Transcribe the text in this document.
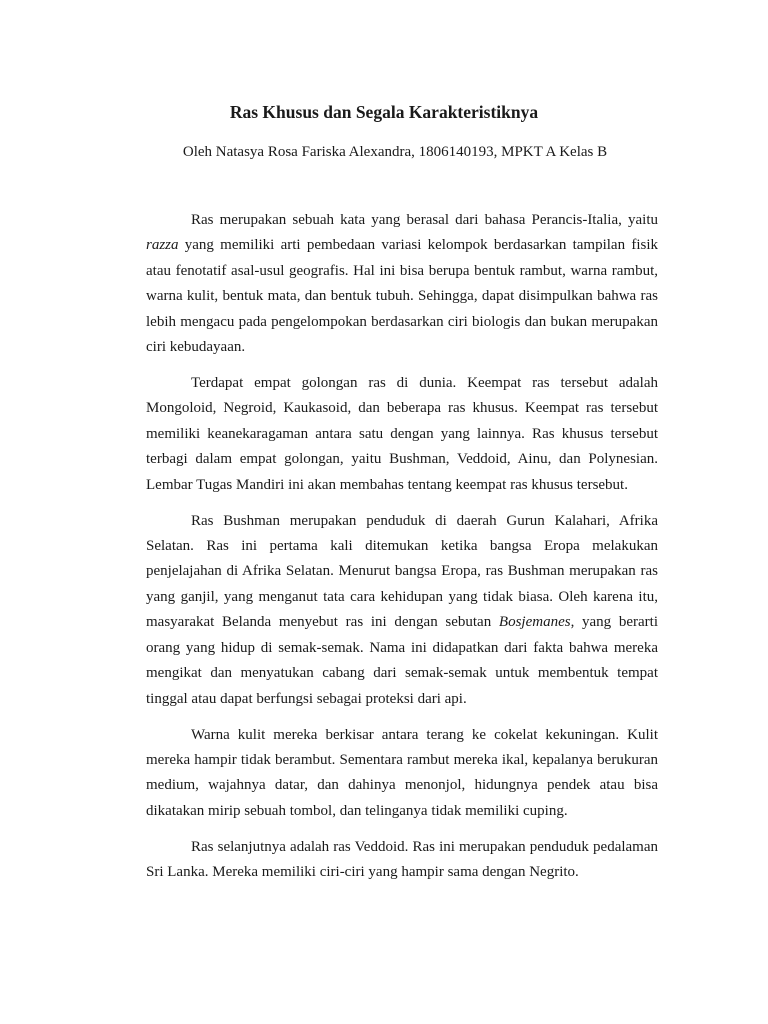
Ras Khusus dan Segala Karakteristiknya
Oleh Natasya Rosa Fariska Alexandra, 1806140193, MPKT A Kelas B

Ras merupakan sebuah kata yang berasal dari bahasa Perancis-Italia, yaitu razza yang memiliki arti pembedaan variasi kelompok berdasarkan tampilan fisik atau fenotatif asal-usul geografis. Hal ini bisa berupa bentuk rambut, warna rambut, warna kulit, bentuk mata, dan bentuk tubuh. Sehingga, dapat disimpulkan bahwa ras lebih mengacu pada pengelompokan berdasarkan ciri biologis dan bukan merupakan ciri kebudayaan.

Terdapat empat golongan ras di dunia. Keempat ras tersebut adalah Mongoloid, Negroid, Kaukasoid, dan beberapa ras khusus. Keempat ras tersebut memiliki keanekaragaman antara satu dengan yang lainnya. Ras khusus tersebut terbagi dalam empat golongan, yaitu Bushman, Veddoid, Ainu, dan Polynesian. Lembar Tugas Mandiri ini akan membahas tentang keempat ras khusus tersebut.

Ras Bushman merupakan penduduk di daerah Gurun Kalahari, Afrika Selatan. Ras ini pertama kali ditemukan ketika bangsa Eropa melakukan penjelajahan di Afrika Selatan. Menurut bangsa Eropa, ras Bushman merupakan ras yang ganjil, yang menganut tata cara kehidupan yang tidak biasa. Oleh karena itu, masyarakat Belanda menyebut ras ini dengan sebutan Bosjemanes, yang berarti orang yang hidup di semak-semak. Nama ini didapatkan dari fakta bahwa mereka mengikat dan menyatukan cabang dari semak-semak untuk membentuk tempat tinggal atau dapat berfungsi sebagai proteksi dari api.

Warna kulit mereka berkisar antara terang ke cokelat kekuningan. Kulit mereka hampir tidak berambut. Sementara rambut mereka ikal, kepalanya berukuran medium, wajahnya datar, dan dahinya menonjol, hidungnya pendek atau bisa dikatakan mirip sebuah tombol, dan telinganya tidak memiliki cuping.

Ras selanjutnya adalah ras Veddoid. Ras ini merupakan penduduk pedalaman Sri Lanka. Mereka memiliki ciri-ciri yang hampir sama dengan Negrito.
